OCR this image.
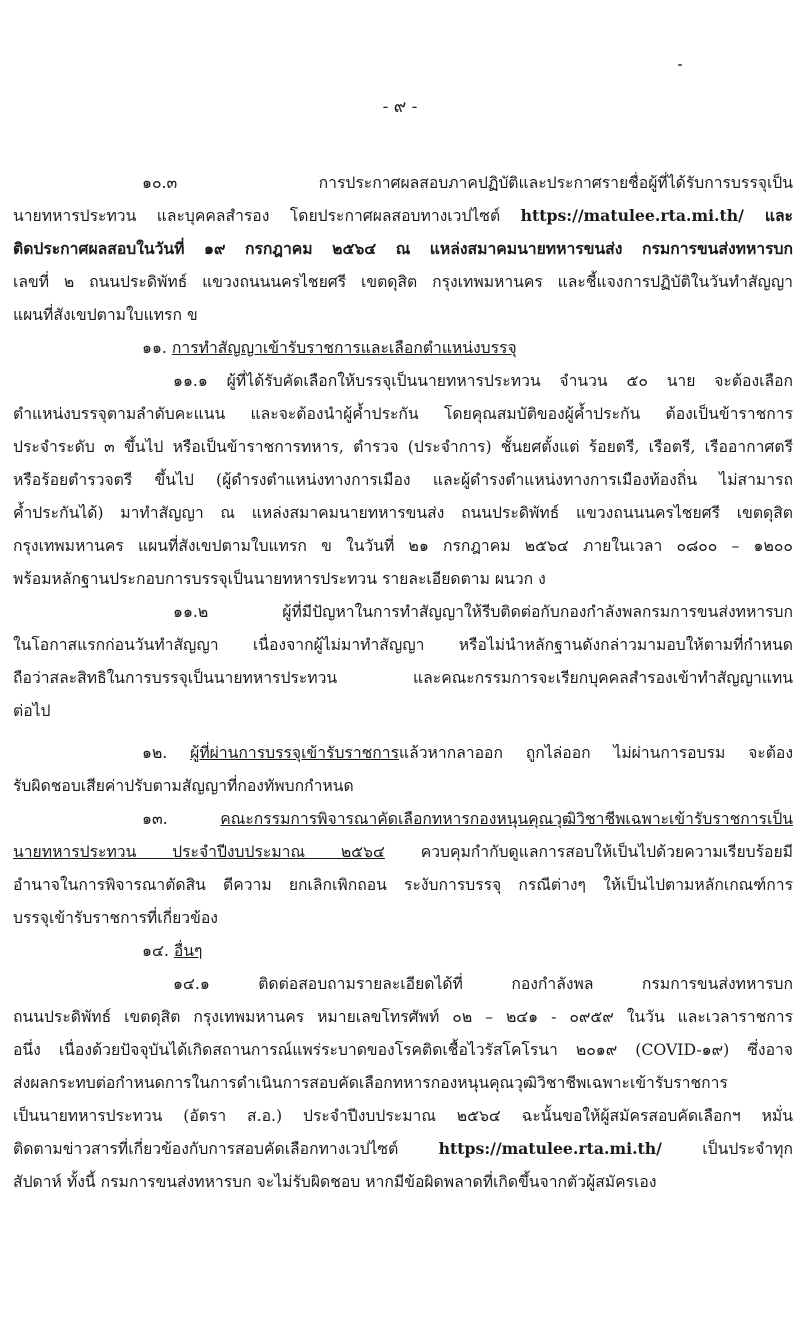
- ๙ -
๑๐.๓ การประกาศผลสอบภาคปฏิบัติและประกาศรายชื่อผู้ที่ได้รับการบรรจุเป็น
นายทหารประทวน และบุคคลสำรอง โดยประกาศผลสอบทางเวปไซต์ https://matulee.rta.mi.th/ และ
ติดประกาศผลสอบในวันที่ ๑๙ กรกฎาคม ๒๕๖๔ ณ แหล่งสมาคมนายทหารขนส่ง กรมการขนส่งทหารบก
เลขที่ ๒ ถนนประดิพัทธ์ แขวงถนนนครไชยศรี เขตดุสิต กรุงเทพมหานคร และชี้แจงการปฏิบัติในวันทำสัญญา
แผนที่สังเขปตามใบแทรก ข
๑๑. การทำสัญญาเข้ารับราชการและเลือกตำแหน่งบรรจุ
๑๑.๑ ผู้ที่ได้รับคัดเลือกให้บรรจุเป็นนายทหารประทวน จำนวน ๕๐ นาย จะต้องเลือก
ตำแหน่งบรรจุตามลำดับคะแนน และจะต้องนำผู้ค้ำประกัน โดยคุณสมบัติของผู้ค้ำประกัน ต้องเป็นข้าราชการ
ประจำระดับ ๓ ขึ้นไป หรือเป็นข้าราชการทหาร, ตำรวจ (ประจำการ) ชั้นยศตั้งแต่ ร้อยตรี, เรือตรี, เรืออากาศตรี
หรือร้อยตำรวจตรี ขึ้นไป (ผู้ดำรงตำแหน่งทางการเมือง และผู้ดำรงตำแหน่งทางการเมืองท้องถิ่น ไม่สามารถ
ค้ำประกันได้) มาทำสัญญา ณ แหล่งสมาคมนายทหารขนส่ง ถนนประดิพัทธ์ แขวงถนนนครไชยศรี เขตดุสิต
กรุงเทพมหานคร แผนที่สังเขปตามใบแทรก ข ในวันที่ ๒๑ กรกฎาคม ๒๕๖๔ ภายในเวลา ๐๘๐๐ – ๑๒๐๐
พร้อมหลักฐานประกอบการบรรจุเป็นนายทหารประทวน รายละเอียดตาม ผนวก ง
๑๑.๒ ผู้ที่มีปัญหาในการทำสัญญาให้รีบติดต่อกับกองกำลังพลกรมการขนส่งทหารบก
ในโอกาสแรกก่อนวันทำสัญญา เนื่องจากผู้ไม่มาทำสัญญา หรือไม่นำหลักฐานดังกล่าวมามอบให้ตามที่กำหนด
ถือว่าสละสิทธิในการบรรจุเป็นนายทหารประทวน และคณะกรรมการจะเรียกบุคคลสำรองเข้าทำสัญญาแทน
ต่อไป
๑๒. ผู้ที่ผ่านการบรรจุเข้ารับราชการแล้วหากลาออก ถูกไล่ออก ไม่ผ่านการอบรม จะต้อง
รับผิดชอบเสียค่าปรับตามสัญญาที่กองทัพบกกำหนด
๑๓. คณะกรรมการพิจารณาคัดเลือกทหารกองหนุนคุณวุฒิวิชาชีพเฉพาะเข้ารับราชการเป็น
นายทหารประทวน ประจำปีงบประมาณ ๒๕๖๔ ควบคุมกำกับดูแลการสอบให้เป็นไปด้วยความเรียบร้อยมี
อำนาจในการพิจารณาตัดสิน ตีความ ยกเลิกเพิกถอน ระงับการบรรจุ กรณีต่างๆ ให้เป็นไปตามหลักเกณฑ์การ
บรรจุเข้ารับราชการที่เกี่ยวข้อง
๑๔. อื่นๆ
๑๔.๑ ติดต่อสอบถามรายละเอียดได้ที่ กองกำลังพล กรมการขนส่งทหารบก
ถนนประดิพัทธ์ เขตดุสิต กรุงเทพมหานคร หมายเลขโทรศัพท์ ๐๒ – ๒๔๑ - ๐๙๕๙ ในวัน และเวลาราชการ
อนึ่ง เนื่องด้วยปัจจุบันได้เกิดสถานการณ์แพร่ระบาดของโรคติดเชื้อไวรัสโคโรนา ๒๐๑๙ (COVID-๑๙) ซึ่งอาจ
ส่งผลกระทบต่อกำหนดการในการดำเนินการสอบคัดเลือกทหารกองหนุนคุณวุฒิวิชาชีพเฉพาะเข้ารับราชการ
เป็นนายทหารประทวน (อัตรา ส.อ.) ประจำปีงบประมาณ ๒๕๖๔ ฉะนั้นขอให้ผู้สมัครสอบคัดเลือกฯ หมั่น
ติดตามข่าวสารที่เกี่ยวข้องกับการสอบคัดเลือกทางเวปไซต์ https://matulee.rta.mi.th/ เป็นประจำทุก
สัปดาห์ ทั้งนี้ กรมการขนส่งทหารบก จะไม่รับผิดชอบ หากมีข้อผิดพลาดที่เกิดขึ้นจากตัวผู้สมัครเอง
